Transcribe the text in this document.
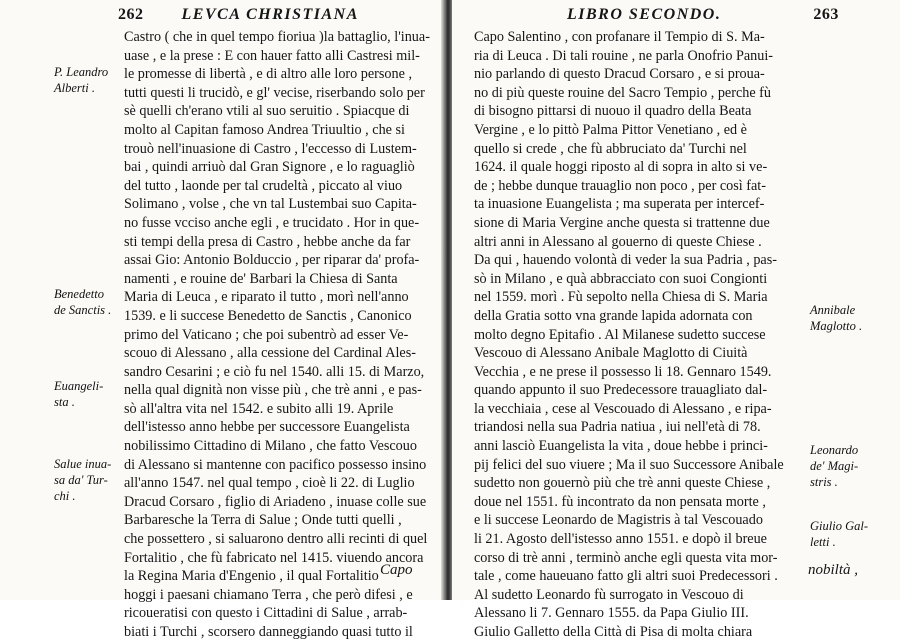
262 LEVCA CHRISTIANA
Castro ( che in quel tempo fioriua )la battaglio, l'inua-
uase , e la prese : E con hauer fatto alli Castresi mil-
le promesse di libertà , e di altro alle loro persone ,
tutti questi li trucidò, e gl' vecise, riserbando solo per
sè quelli ch'erano vtili al suo seruitio . Spiacque di
molto al Capitan famoso Andrea Triuultio , che si
trouò nell'inuasione di Castro , l'eccesso di Lustem-
bai , quindi arriuò dal Gran Signore , e lo raguagliò
del tutto , laonde per tal crudeltà , piccato al viuo
Solimano , volse , che vn tal Lustembai suo Capita-
no fusse vcciso anche egli , e trucidato . Hor in que-
sti tempi della presa di Castro , hebbe anche da far
assai Gio: Antonio Bolduccio , per riparar da' profa-
namenti , e rouine de' Barbari la Chiesa di Santa
Maria di Leuca , e riparato il tutto , morì nell'anno
1539. e li succese Benedetto de Sanctis , Canonico
primo del Vaticano ; che poi subentrò ad esser Ve-
scouo di Alessano , alla cessione del Cardinal Ales-
sandro Cesarini ; e ciò fu nel 1540. alli 15. di Marzo,
nella qual dignità non visse più , che trè anni , e pas-
sò all'altra vita nel 1542. e subito alli 19. Aprile
dell'istesso anno hebbe per successore Euangelista
nobilissimo Cittadino di Milano , che fatto Vescouo
di Alessano si mantenne con pacifico possesso insino
all'anno 1547. nel qual tempo , cioè li 22. di Luglio
Dracud Corsaro , figlio di Ariadeno , inuase colle sue
Barbaresche la Terra di Salue ; Onde tutti quelli ,
che possettero , si saluarono dentro alli recinti di quel
Fortalitio , che fù fabricato nel 1415. viuendo ancora
la Regina Maria d'Engenio , il qual Fortalitio
hoggi i paesani chiamano Terra , che però difesi , e
ricoueratisi con questo i Cittadini di Salue , arrab-
biati i Turchi , scorsero danneggiando quasi tutto il
Capo
P. Leandro
Alberti .
Benedetto
de Sanctis .
Euangeli-
sta .
Salue inua-
sa da' Tur-
chi .
LIBRO SECONDO.	263
Capo Salentino , con profanare il Tempio di S. Ma-
ria di Leuca . Di tali rouine , ne parla Onofrio Panui-
nio parlando di questo Dracud Corsaro , e si proua-
no di più queste rouine del Sacro Tempio , perche fù
di bisogno pittarsi di nuouo il quadro della Beata
Vergine , e lo pittò Palma Pittor Venetiano , ed è
quello si crede , che fù abbruciato da' Turchi nel
1624. il quale hoggi riposto al di sopra in alto si ve-
de ; hebbe dunque trauaglio non poco , per così fat-
ta inuasione Euangelista ; ma superata per intercef-
sione di Maria Vergine anche questa si trattenne due
altri anni in Alessano al gouerno di queste Chiese .
Da qui , hauendo volontà di veder la sua Padria , pas-
sò in Milano , e quà abbracciato con suoi Congionti
nel 1559. morì . Fù sepolto nella Chiesa di S. Maria
della Gratia sotto vna grande lapida adornata con
molto degno Epitafio . Al Milanese sudetto succese
Vescouo di Alessano Anibale Maglotto di Ciuità
Vecchia , e ne prese il possesso li 18. Gennaro 1549.
quando appunto il suo Predecessore trauagliato dal-
la vecchiaia , cese al Vescouado di Alessano , e ripa-
triandosi nella sua Padria natiua , iui nell'età di 78.
anni lasciò Euangelista la vita , doue hebbe i princi-
pij felici del suo viuere ; Ma il suo Successore Anibale
sudetto non gouernò più che trè anni queste Chiese ,
doue nel 1551. fù incontrato da non pensata morte ,
e li succese Leonardo de Magistris à tal Vescouado
li 21. Agosto dell'istesso anno 1551. e dopò il breue
corso di trè anni , terminò anche egli questa vita mor-
tale , come haueuano fatto gli altri suoi Predecessori .
Al sudetto Leonardo fù surrogato in Vescouo di
Alessano li 7. Gennaro 1555. da Papa Giulio III.
Giulio Galletto della Città di Pisa di molta chiara
nobiltà ,
Annibale
Maglotto .
Leonardo
de' Magi-
stris .
Giulio Gal-
letti .
